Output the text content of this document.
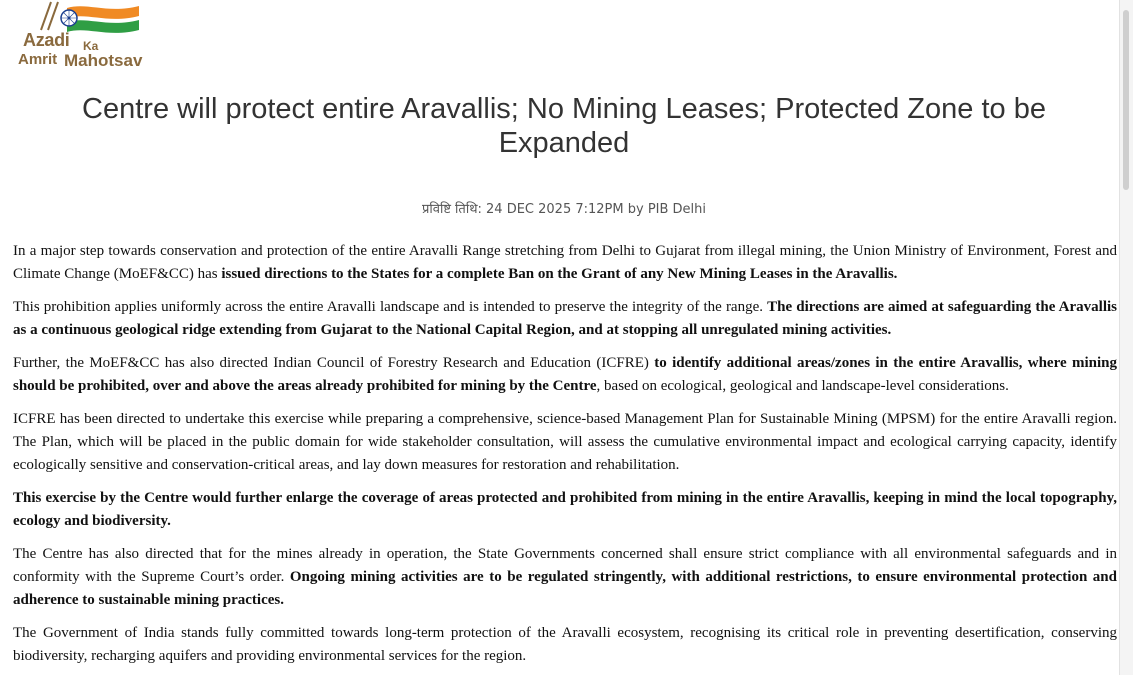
Azadi Ka
Amrit Mahotsav
Centre will protect entire Aravallis; No Mining Leases; Protected Zone to be Expanded
प्रविष्टि तिथि: 24 DEC 2025 7:12PM by PIB Delhi

In a major step towards conservation and protection of the entire Aravalli Range stretching from Delhi to Gujarat from illegal mining, the Union Ministry of Environment, Forest and Climate Change (MoEF&CC) has issued directions to the States for a complete Ban on the Grant of any New Mining Leases in the Aravallis.

This prohibition applies uniformly across the entire Aravalli landscape and is intended to preserve the integrity of the range. The directions are aimed at safeguarding the Aravallis as a continuous geological ridge extending from Gujarat to the National Capital Region, and at stopping all unregulated mining activities.

Further, the MoEF&CC has also directed Indian Council of Forestry Research and Education (ICFRE) to identify additional areas/zones in the entire Aravallis, where mining should be prohibited, over and above the areas already prohibited for mining by the Centre, based on ecological, geological and landscape-level considerations.

ICFRE has been directed to undertake this exercise while preparing a comprehensive, science-based Management Plan for Sustainable Mining (MPSM) for the entire Aravalli region. The Plan, which will be placed in the public domain for wide stakeholder consultation, will assess the cumulative environmental impact and ecological carrying capacity, identify ecologically sensitive and conservation-critical areas, and lay down measures for restoration and rehabilitation.

This exercise by the Centre would further enlarge the coverage of areas protected and prohibited from mining in the entire Aravallis, keeping in mind the local topography, ecology and biodiversity.

The Centre has also directed that for the mines already in operation, the State Governments concerned shall ensure strict compliance with all environmental safeguards and in conformity with the Supreme Court’s order. Ongoing mining activities are to be regulated stringently, with additional restrictions, to ensure environmental protection and adherence to sustainable mining practices.

The Government of India stands fully committed towards long-term protection of the Aravalli ecosystem, recognising its critical role in preventing desertification, conserving biodiversity, recharging aquifers and providing environmental services for the region.
